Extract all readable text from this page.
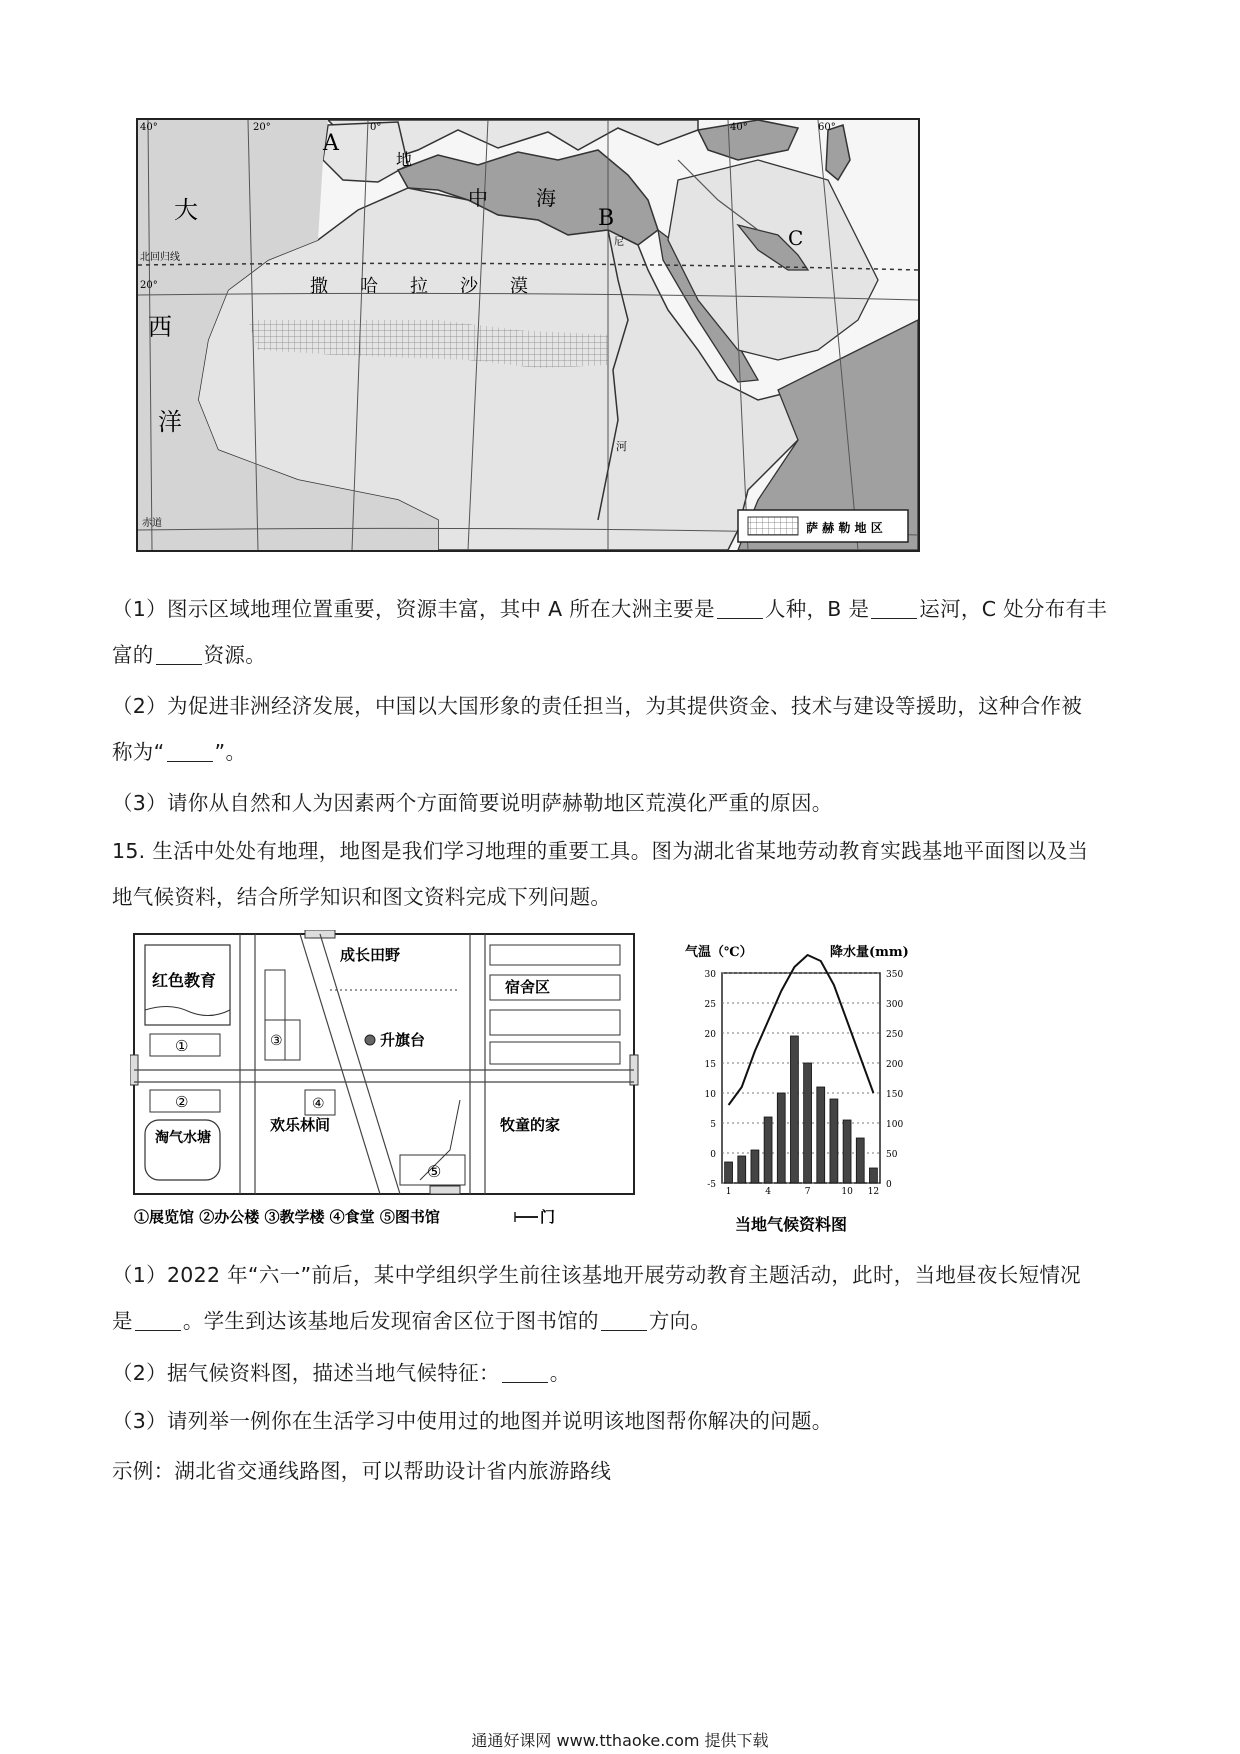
A
B
C
地
中 海
大
西
洋
撒 哈 拉 沙 漠
北回归线
20°
40°	20°	0°	40°	60°
赤道
尼
河
萨 赫 勒 地 区
（1）图示区域地理位置重要，资源丰富，其中 A 所在大洲主要是 人种，B 是 运河，C 处分布有丰
富的 资源。
（2）为促进非洲经济发展，中国以大国形象的责任担当，为其提供资金、技术与建设等援助，这种合作被
称为“ ”。
（3）请你从自然和人为因素两个方面简要说明萨赫勒地区荒漠化严重的原因。
15. 生活中处处有地理，地图是我们学习地理的重要工具。图为湖北省某地劳动教育实践基地平面图以及当
地气候资料，结合所学知识和图文资料完成下列问题。
红色教育
成长田野
宿舍区
升旗台
欢乐林间
淘气水塘
牧童的家
①
②
③
④
⑤
①展览馆 ②办公楼 ③教学楼 ④食堂 ⑤图书馆	门
气温（℃）	降水量(mm)
30
25
20
15
10
5
0
-5
350
300
250
200
150
100
50
0
1	4	7	10 12
当地气候资料图
（1）2022 年“六一”前后，某中学组织学生前往该基地开展劳动教育主题活动，此时，当地昼夜长短情况
是 。学生到达该基地后发现宿舍区位于图书馆的 方向。
（2）据气候资料图，描述当地气候特征： 。
（3）请列举一例你在生活学习中使用过的地图并说明该地图帮你解决的问题。
示例：湖北省交通线路图，可以帮助设计省内旅游路线
通通好课网 www.tthaoke.com 提供下载
